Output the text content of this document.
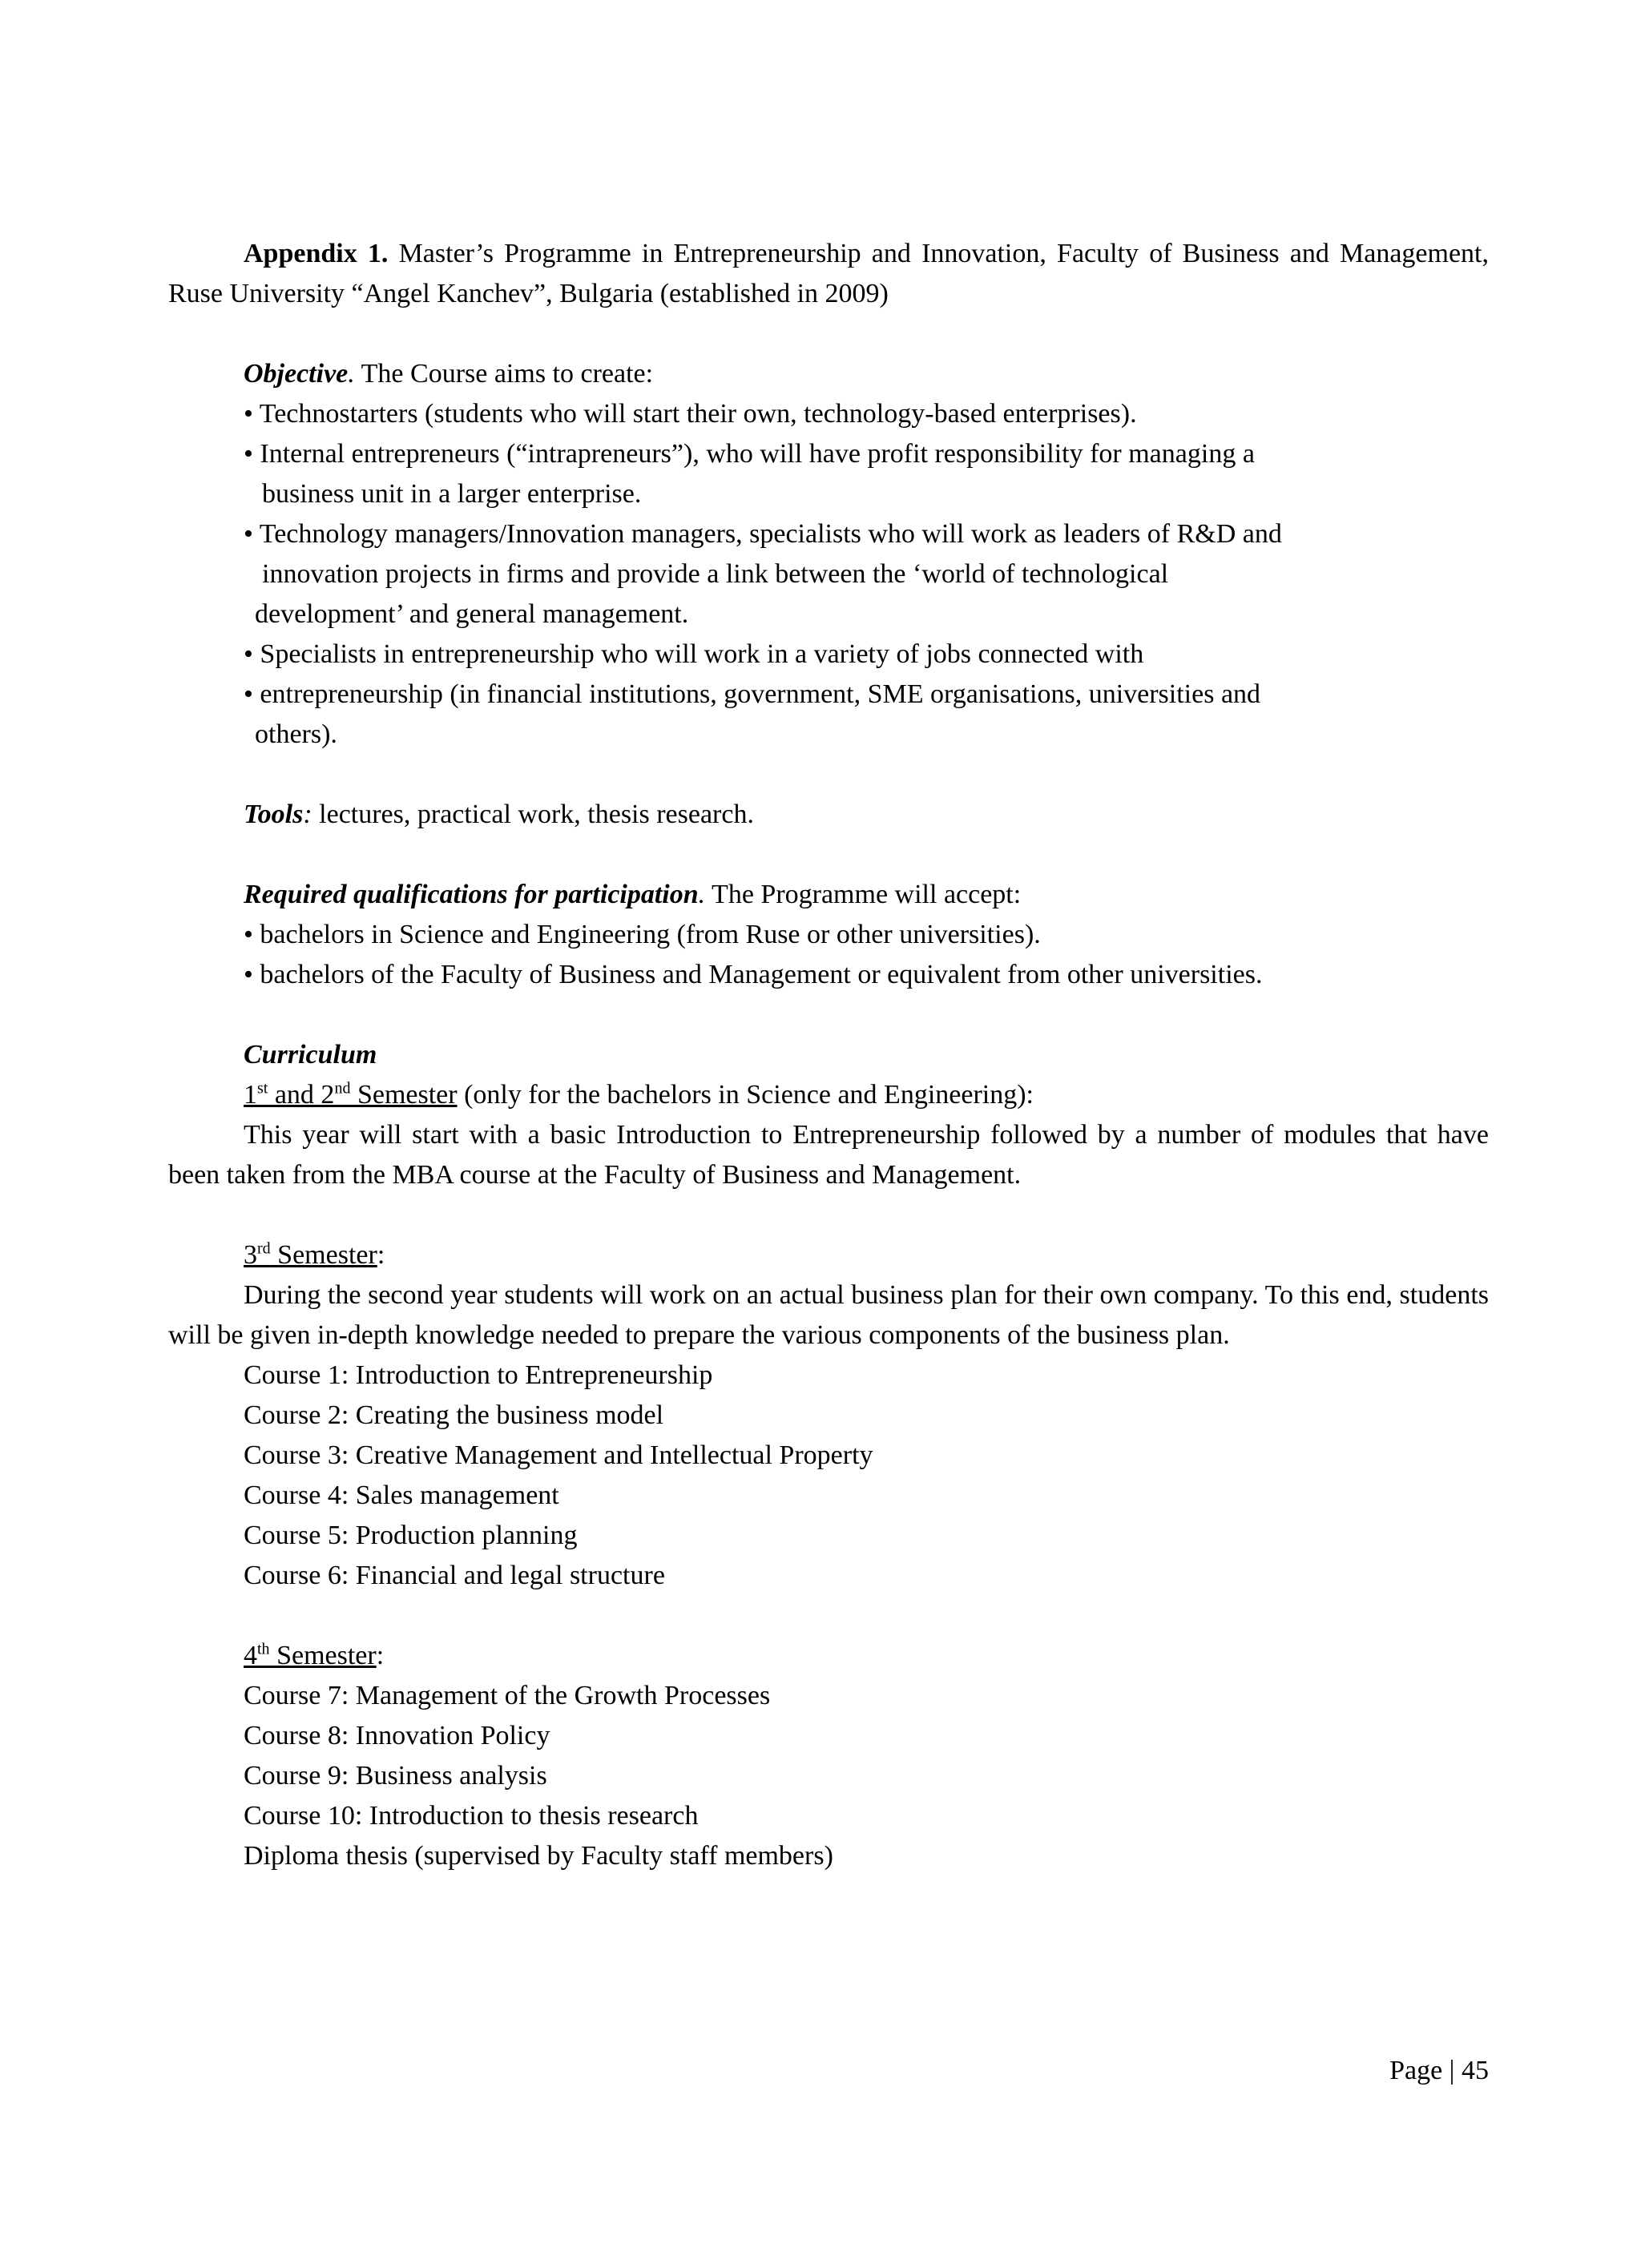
Appendix 1. Master’s Programme in Entrepreneurship and Innovation, Faculty of Business and Management, Ruse University “Angel Kanchev”, Bulgaria (established in 2009)

Objective. The Course aims to create:

• Technostarters (students who will start their own, technology-based enterprises).

• Internal entrepreneurs (“intrapreneurs”), who will have profit responsibility for managing a

business unit in a larger enterprise.

• Technology managers/Innovation managers, specialists who will work as leaders of R&D and

innovation projects in firms and provide a link between the ‘world of technological

development’ and general management.

• Specialists in entrepreneurship who will work in a variety of jobs connected with

• entrepreneurship (in financial institutions, government, SME organisations, universities and

others).

Tools: lectures, practical work, thesis research.

Required qualifications for participation. The Programme will accept:

• bachelors in Science and Engineering (from Ruse or other universities).

• bachelors of the Faculty of Business and Management or equivalent from other universities.

Curriculum

1st and 2nd Semester (only for the bachelors in Science and Engineering):

This year will start with a basic Introduction to Entrepreneurship followed by a number of modules that have been taken from the MBA course at the Faculty of Business and Management.

3rd Semester:

During the second year students will work on an actual business plan for their own company. To this end, students will be given in-depth knowledge needed to prepare the various components of the business plan.

Course 1: Introduction to Entrepreneurship

Course 2: Creating the business model

Course 3: Creative Management and Intellectual Property

Course 4: Sales management

Course 5: Production planning

Course 6: Financial and legal structure

4th Semester:

Course 7: Management of the Growth Processes

Course 8: Innovation Policy

Course 9: Business analysis

Course 10: Introduction to thesis research

Diploma thesis (supervised by Faculty staff members)

Page | 45
